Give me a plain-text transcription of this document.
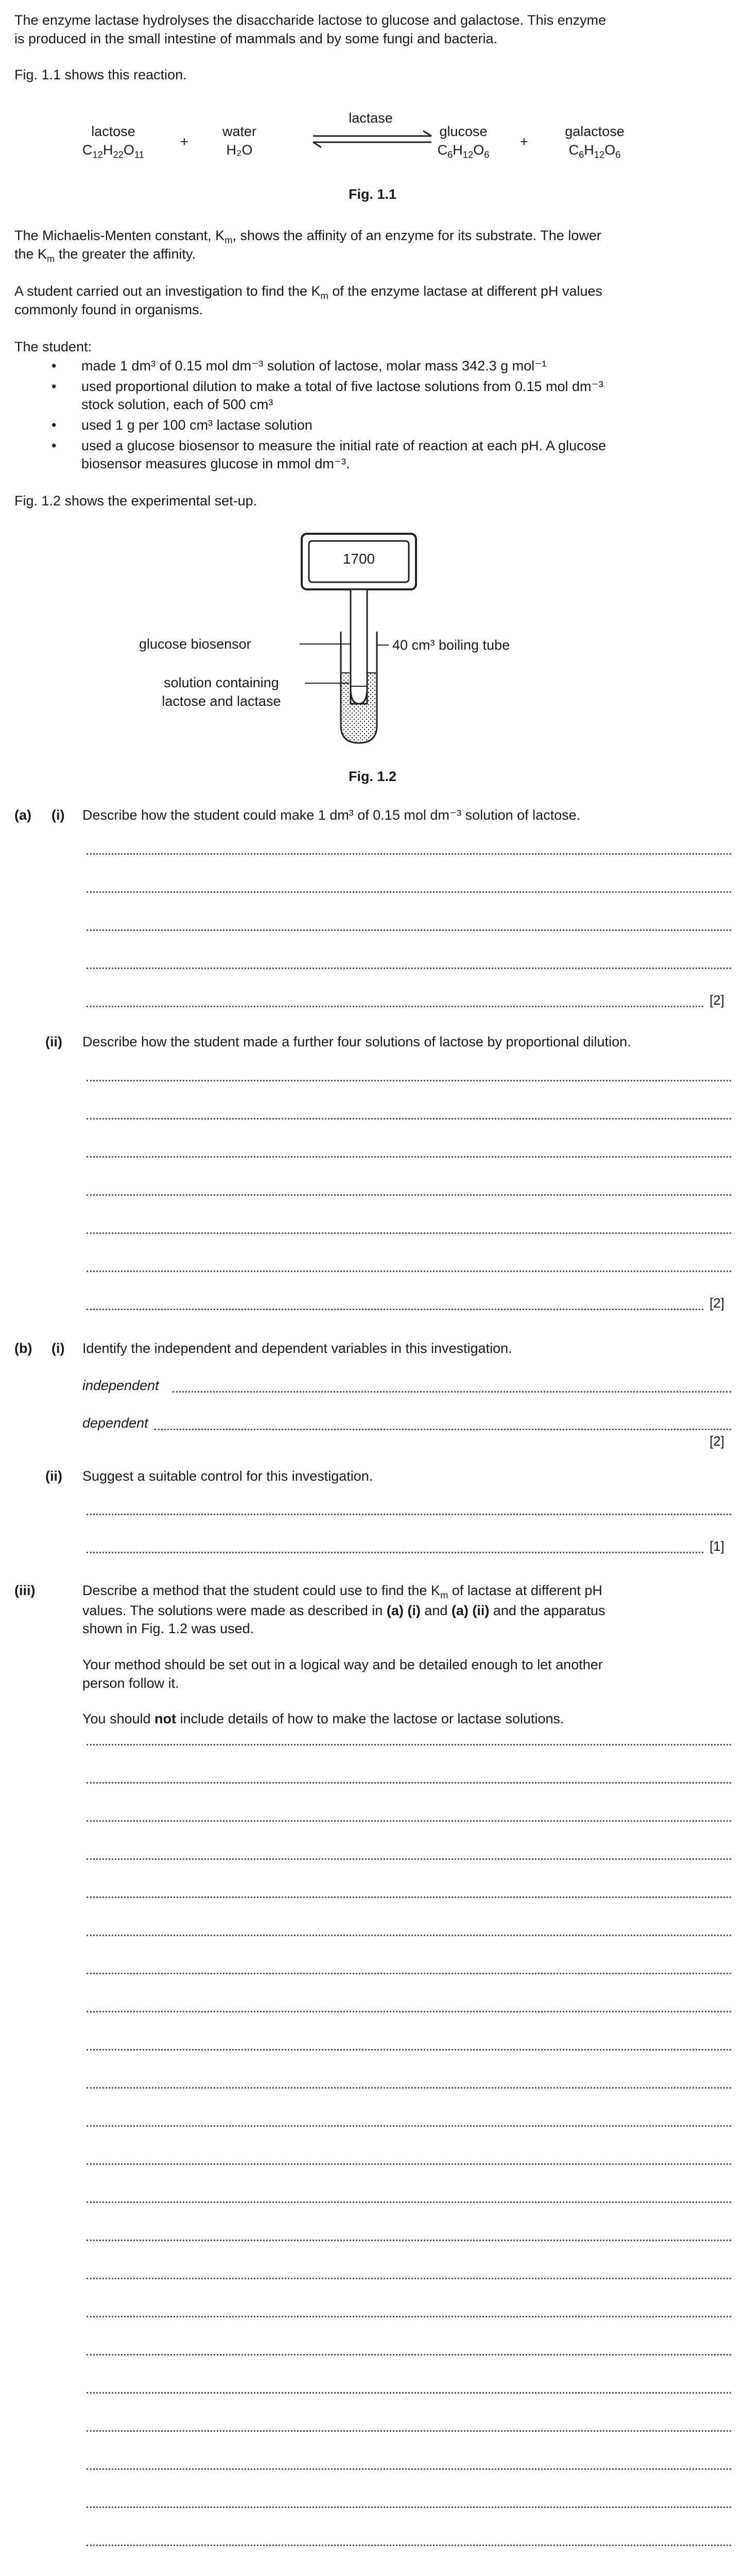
The enzyme lactase hydrolyses the disaccharide lactose to glucose and galactose. This enzyme

is produced in the small intestine of mammals and by some fungi and bacteria.

Fig. 1.1 shows this reaction.

lactose
$C_{12}H_{22}O_{11}$
+
water
H₂O
lactase
glucose
$C_6H_{12}O_6$
+
galactose
$C_6H_{12}O_6$
Fig. 1.1

The Michaelis-Menten constant, $K_m$, shows the affinity of an enzyme for its substrate. The lower

the $K_m$ the greater the affinity.

A student carried out an investigation to find the $K_m$ of the enzyme lactase at different pH values

commonly found in organisms.

The student:

• made 1 dm³ of 0.15 mol dm⁻³ solution of lactose, molar mass 342.3 g mol⁻¹
• used proportional dilution to make a total of five lactose solutions from 0.15 mol dm⁻³
stock solution, each of 500 cm³
• used 1 g per 100 cm³ lactase solution
• used a glucose biosensor to measure the initial rate of reaction at each pH. A glucose
biosensor measures glucose in mmol dm⁻³.

Fig. 1.2 shows the experimental set-up.

1700
glucose biosensor	40 cm³ boiling tube
solution containing
lactose and lactase
Fig. 1.2
(a) (i) Describe how the student could make 1 dm³ of 0.15 mol dm⁻³ solution of lactose.

[2]
(ii) Describe how the student made a further four solutions of lactose by proportional dilution.

[2]
(b) (i) Identify the independent and dependent variables in this investigation.

independent
dependent
[2]
(ii) Suggest a suitable control for this investigation.

[1]
(iii)	Describe a method that the student could use to find the $K_m$ of lactase at different pH

values. The solutions were made as described in (a) (i) and (a) (ii) and the apparatus

shown in Fig. 1.2 was used.

Your method should be set out in a logical way and be detailed enough to let another

person follow it.

You should not include details of how to make the lactose or lactase solutions.
